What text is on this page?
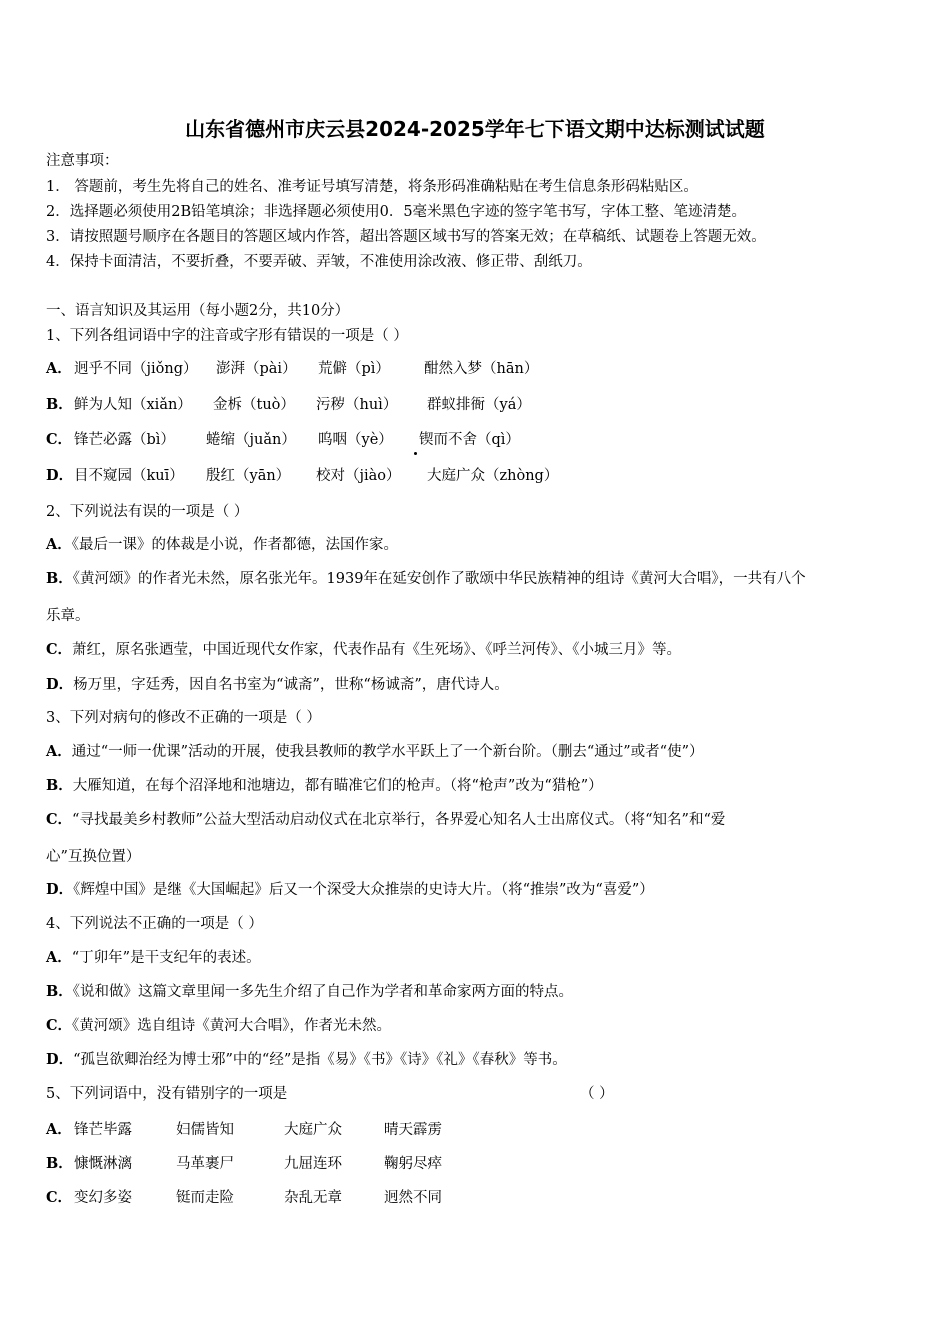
山东省德州市庆云县2024-2025学年七下语文期中达标测试试题
注意事项：
1． 答题前，考生先将自己的姓名、准考证号填写清楚，将条形码准确粘贴在考生信息条形码粘贴区。
2．选择题必须使用2B铅笔填涂；非选择题必须使用0．5毫米黑色字迹的签字笔书写，字体工整、笔迹清楚。
3．请按照题号顺序在各题目的答题区域内作答，超出答题区域书写的答案无效；在草稿纸、试题卷上答题无效。
4．保持卡面清洁，不要折叠，不要弄破、弄皱，不准使用涂改液、修正带、刮纸刀。
一、语言知识及其运用（每小题2分，共10分）
1、下列各组词语中字的注音或字形有错误的一项是（ ）
A． 迥乎不同（jiǒng） 澎湃（pài） 荒僻（pì） 酣然入梦（hān）
B． 鲜为人知（xiǎn） 金柝（tuò） 污秽（huì） 群蚁排衙（yá）
C． 锋芒必露（bì） 蜷缩（juǎn） 呜咽（yè） 锲而不舍（qì）
D． 目不窥园（kuī） 殷红（yān） 校对（jiào） 大庭广众（zhòng）
2、下列说法有误的一项是（ ）
A．《最后一课》的体裁是小说，作者都德，法国作家。
B．《黄河颂》的作者光未然，原名张光年。1939年在延安创作了歌颂中华民族精神的组诗《黄河大合唱》，一共有八个
乐章。
C．萧红，原名张迺莹，中国近现代女作家，代表作品有《生死场》、《呼兰河传》、《小城三月》等。
D．杨万里，字廷秀，因自名书室为“诚斋”，世称“杨诚斋”，唐代诗人。
3、下列对病句的修改不正确的一项是（ ）
A．通过“一师一优课”活动的开展，使我县教师的教学水平跃上了一个新台阶。（删去“通过”或者“使”）
B．大雁知道，在每个沼泽地和池塘边，都有瞄准它们的枪声。（将“枪声”改为“猎枪”）
C．“寻找最美乡村教师”公益大型活动启动仪式在北京举行，各界爱心知名人士出席仪式。（将“知名”和“爱
心”互换位置）
D．《辉煌中国》是继《大国崛起》后又一个深受大众推崇的史诗大片。（将“推崇”改为“喜爱”）
4、下列说法不正确的一项是（ ）
A．“丁卯年”是干支纪年的表述。
B．《说和做》这篇文章里闻一多先生介绍了自己作为学者和革命家两方面的特点。
C．《黄河颂》选自组诗《黄河大合唱》，作者光未然。
D．“孤岂欲卿治经为博士邪”中的“经”是指《易》《书》《诗》《礼》《春秋》等书。
5、下列词语中，没有错别字的一项是	（ ）
A． 锋芒毕露	妇儒皆知	大庭广众	晴天霹雳
B． 慷慨淋漓	马革裹尸	九屈连环	鞠躬尽瘁
C． 变幻多姿	铤而走险	杂乱无章	迥然不同
